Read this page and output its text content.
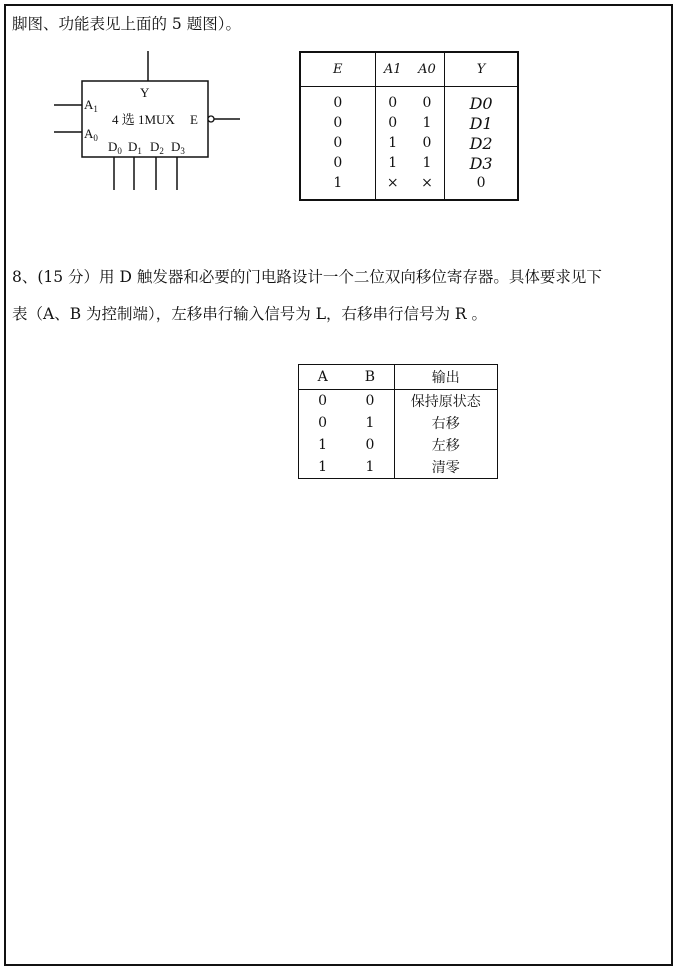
脚图、功能表见上面的 5 题图）。
Y
4 选 1MUX E
$A_1$
$A_0$
$D_0$ $D_1$ $D_2$ $D_3$
E	A1	A0	Y
0	0	0	D0
0	0	1	D1
0	1	0	D2
0	1	1	D3
1	×	×	0
8、(15 分）用 D 触发器和必要的门电路设计一个二位双向移位寄存器。具体要求见下
表（A、B 为控制端），左移串行输入信号为 L，右移串行信号为 R 。
A	B	输出
0	0	保持原状态
0	1	右移
1	0	左移
1	1	清零
